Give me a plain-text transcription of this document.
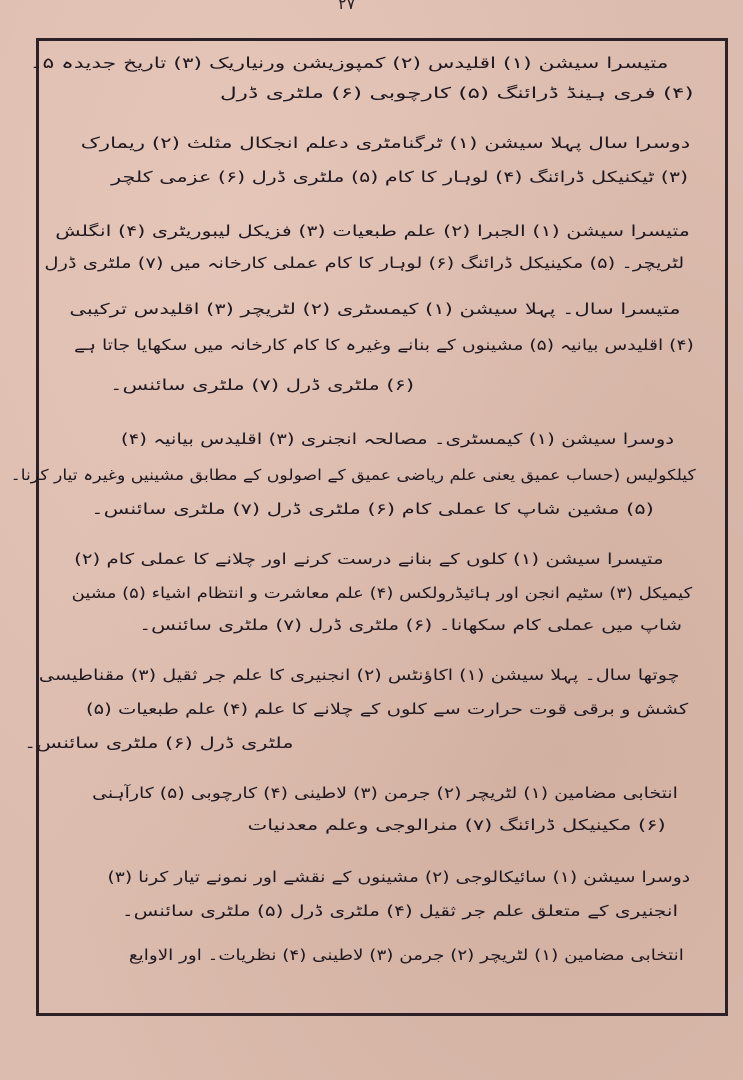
۲۷
متیسرا سیشن (۱) اقلیدس (۲) کمپوزیشن ورنیاریک (۳) تاریخ جدیدہ ۵۔
(۴) فری ہینڈ ڈرائنگ (۵) کارچوبی (۶) ملٹری ڈرل
دوسرا سال پہلا سیشن (۱) ٹرگنامٹری دعلم انجکال مثلث (۲) ریمارک
(۳) ٹیکنیکل ڈرائنگ (۴) لوہار کا کام (۵) ملٹری ڈرل (۶) عزمی کلچر
متیسرا سیشن (۱) الجبرا (۲) علم طبعیات (۳) فزیکل لیبوریٹری (۴) انگلش
لٹریچر۔ (۵) مکینیکل ڈرائنگ (۶) لوہار کا کام عملی کارخانہ میں (۷) ملٹری ڈرل
متیسرا سال۔ پہلا سیشن (۱) کیمسٹری (۲) لٹریچر (۳) اقلیدس ترکیبی
(۴) اقلیدس بیانیہ (۵) مشینوں کے بنانے وغیرہ کا کام کارخانہ میں سکھایا جاتا ہے
(۶) ملٹری ڈرل (۷) ملٹری سائنس۔
دوسرا سیشن (۱) کیمسٹری۔ مصالحہ انجنری (۳) اقلیدس بیانیہ (۴)
کیلکولیس (حساب عمیق یعنی علم ریاضی عمیق کے اصولوں کے مطابق مشینیں وغیرہ تیار کرنا۔
(۵) مشین شاپ کا عملی کام (۶) ملٹری ڈرل (۷) ملٹری سائنس۔
متیسرا سیشن (۱) کلوں کے بنانے درست کرنے اور چلانے کا عملی کام (۲)
کیمیکل (۳) سٹیم انجن اور ہائیڈرولکس (۴) علم معاشرت و انتظام اشیاء (۵) مشین
شاپ میں عملی کام سکھانا۔ (۶) ملٹری ڈرل (۷) ملٹری سائنس۔
چوتھا سال۔ پہلا سیشن (۱) اکاؤنٹس (۲) انجنیری کا علم جر ثقیل (۳) مقناطیسی
کشش و برقی قوت حرارت سے کلوں کے چلانے کا علم (۴) علم طبعیات (۵)
ملٹری ڈرل (۶) ملٹری سائنس۔
انتخابی مضامین (۱) لٹریچر (۲) جرمن (۳) لاطینی (۴) کارچوبی (۵) کارآہنی
(۶) مکینیکل ڈرائنگ (۷) منرالوجی وعلم معدنیات
دوسرا سیشن (۱) سائیکالوجی (۲) مشینوں کے نقشے اور نمونے تیار کرنا (۳)
انجنیری کے متعلق علم جر ثقیل (۴) ملٹری ڈرل (۵) ملٹری سائنس۔
انتخابی مضامین (۱) لٹریچر (۲) جرمن (۳) لاطینی (۴) نظریات۔ اور الاوایع
